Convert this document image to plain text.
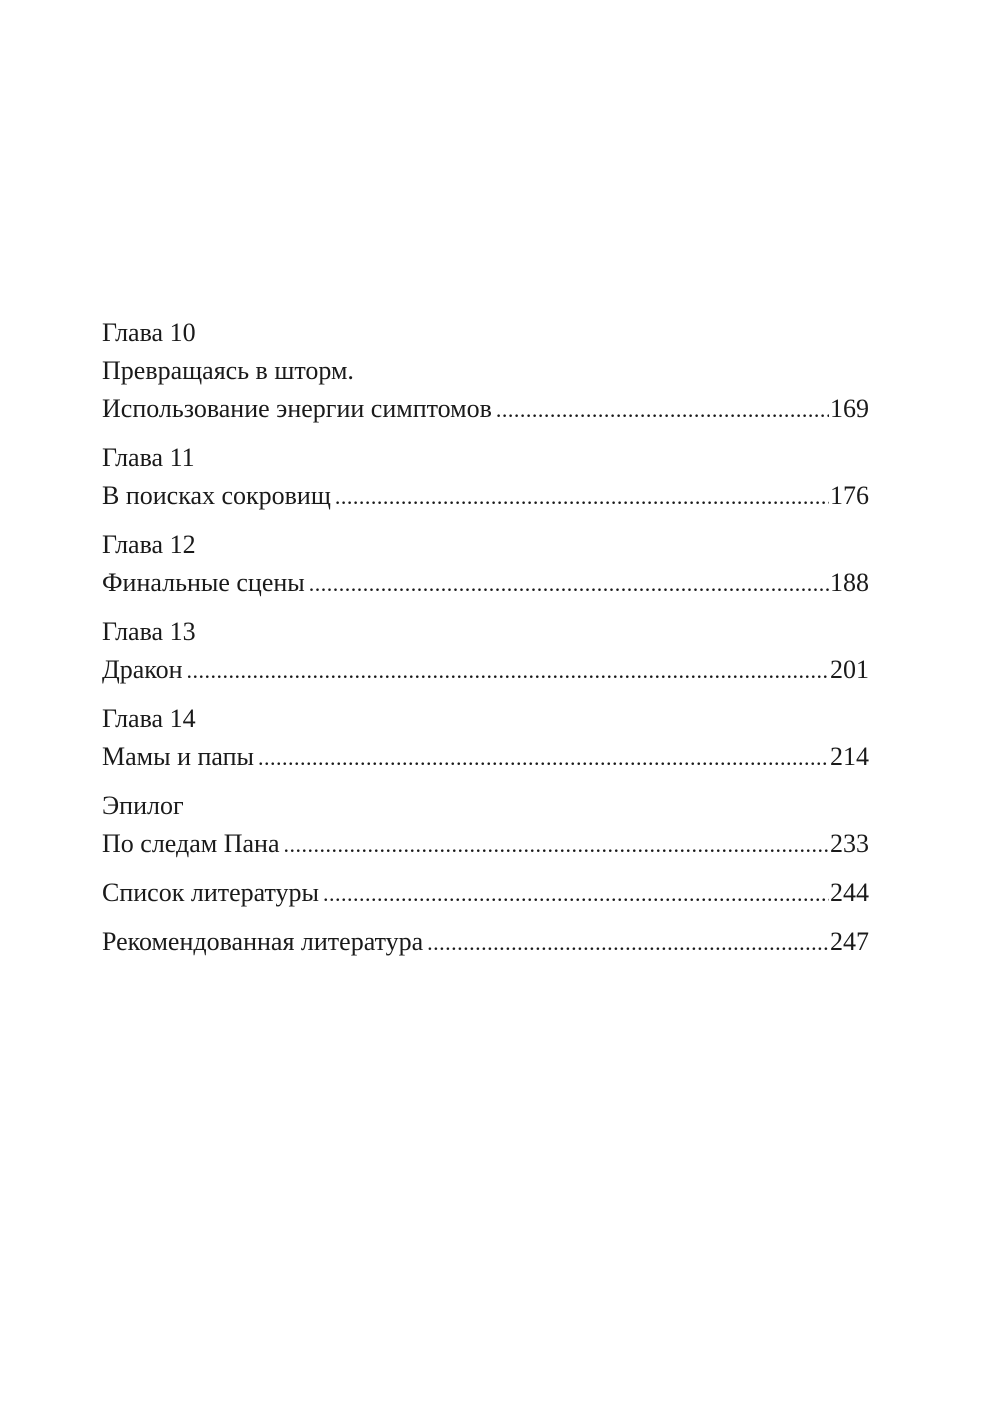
Глава 10
Превращаясь в шторм.
Использование энергии симптомов .....	169
Глава 11
В поисках сокровищ .....	176
Глава 12
Финальные сцены .....	188
Глава 13
Дракон .....	201
Глава 14
Мамы и папы .....	214
Эпилог
По следам Пана .....	233
Список литературы .....	244
Рекомендованная литература .....	247
